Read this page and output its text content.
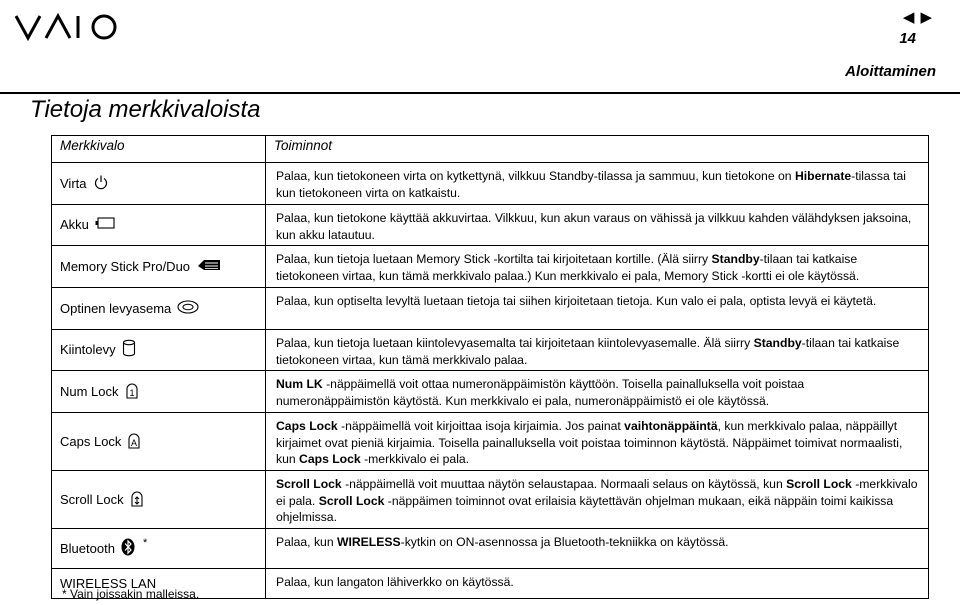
◀▶
14
Aloittaminen
Tietoja merkkivaloista
Merkkivalo	Toiminnot

Virta	Palaa, kun tietokoneen virta on kytkettynä, vilkkuu Standby-tilassa ja sammuu, kun tietokone on Hibernate-tilassa tai kun tietokoneen virta on katkaistu.

Akku	Palaa, kun tietokone käyttää akkuvirtaa. Vilkkuu, kun akun varaus on vähissä ja vilkkuu kahden välähdyksen jaksoina, kun akku latautuu.

Memory Stick Pro/Duo	Palaa, kun tietoja luetaan Memory Stick -kortilta tai kirjoitetaan kortille. (Älä siirry Standby-tilaan tai katkaise tietokoneen virtaa, kun tämä merkkivalo palaa.) Kun merkkivalo ei pala, Memory Stick -kortti ei ole käytössä.

Optinen levyasema	Palaa, kun optiselta levyltä luetaan tietoja tai siihen kirjoitetaan tietoja. Kun valo ei pala, optista levyä ei käytetä.

Kiintolevy	Palaa, kun tietoja luetaan kiintolevyasemalta tai kirjoitetaan kiintolevyasemalle. Älä siirry Standby-tilaan tai katkaise tietokoneen virtaa, kun tämä merkkivalo palaa.

Num Lock 1	Num LK -näppäimellä voit ottaa numeronäppäimistön käyttöön. Toisella painalluksella voit poistaa numeronäppäimistön käytöstä. Kun merkkivalo ei pala, numeronäppäimistö ei ole käytössä.

Caps Lock A	Caps Lock -näppäimellä voit kirjoittaa isoja kirjaimia. Jos painat vaihtonäppäintä, kun merkkivalo palaa, näppäillyt kirjaimet ovat pieniä kirjaimia. Toisella painalluksella voit poistaa toiminnon käytöstä. Näppäimet toimivat normaalisti, kun Caps Lock -merkkivalo ei pala.

Scroll Lock	Scroll Lock -näppäimellä voit muuttaa näytön selaustapaa. Normaali selaus on käytössä, kun Scroll Lock -merkkivalo ei pala. Scroll Lock -näppäimen toiminnot ovat erilaisia käytettävän ohjelman mukaan, eikä näppäin toimi kaikissa ohjelmissa.

Bluetooth *	Palaa, kun WIRELESS-kytkin on ON-asennossa ja Bluetooth-tekniikka on käytössä.

WIRELESS LAN	Palaa, kun langaton lähiverkko on käytössä.
* Vain joissakin malleissa.
